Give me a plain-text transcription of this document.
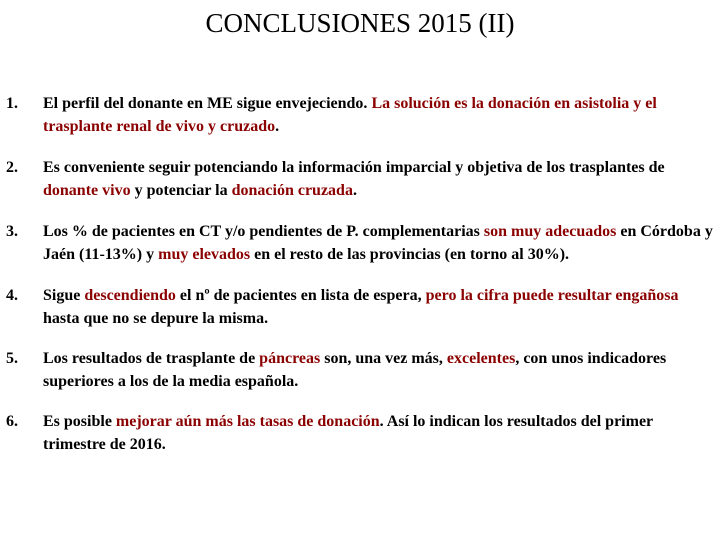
CONCLUSIONES 2015 (II)
1. El perfil del donante en ME sigue envejeciendo. La solución es la donación en asistolia y el trasplante renal de vivo y cruzado.
2. Es conveniente seguir potenciando la información imparcial y objetiva de los trasplantes de donante vivo y potenciar la donación cruzada.
3. Los % de pacientes en CT y/o pendientes de P. complementarias son muy adecuados en Córdoba y Jaén (11-13%) y muy elevados en el resto de las provincias (en torno al 30%).
4. Sigue descendiendo el nº de pacientes en lista de espera, pero la cifra puede resultar engañosa hasta que no se depure la misma.
5. Los resultados de trasplante de páncreas son, una vez más, excelentes, con unos indicadores superiores a los de la media española.
6. Es posible mejorar aún más las tasas de donación. Así lo indican los resultados del primer trimestre de 2016.
